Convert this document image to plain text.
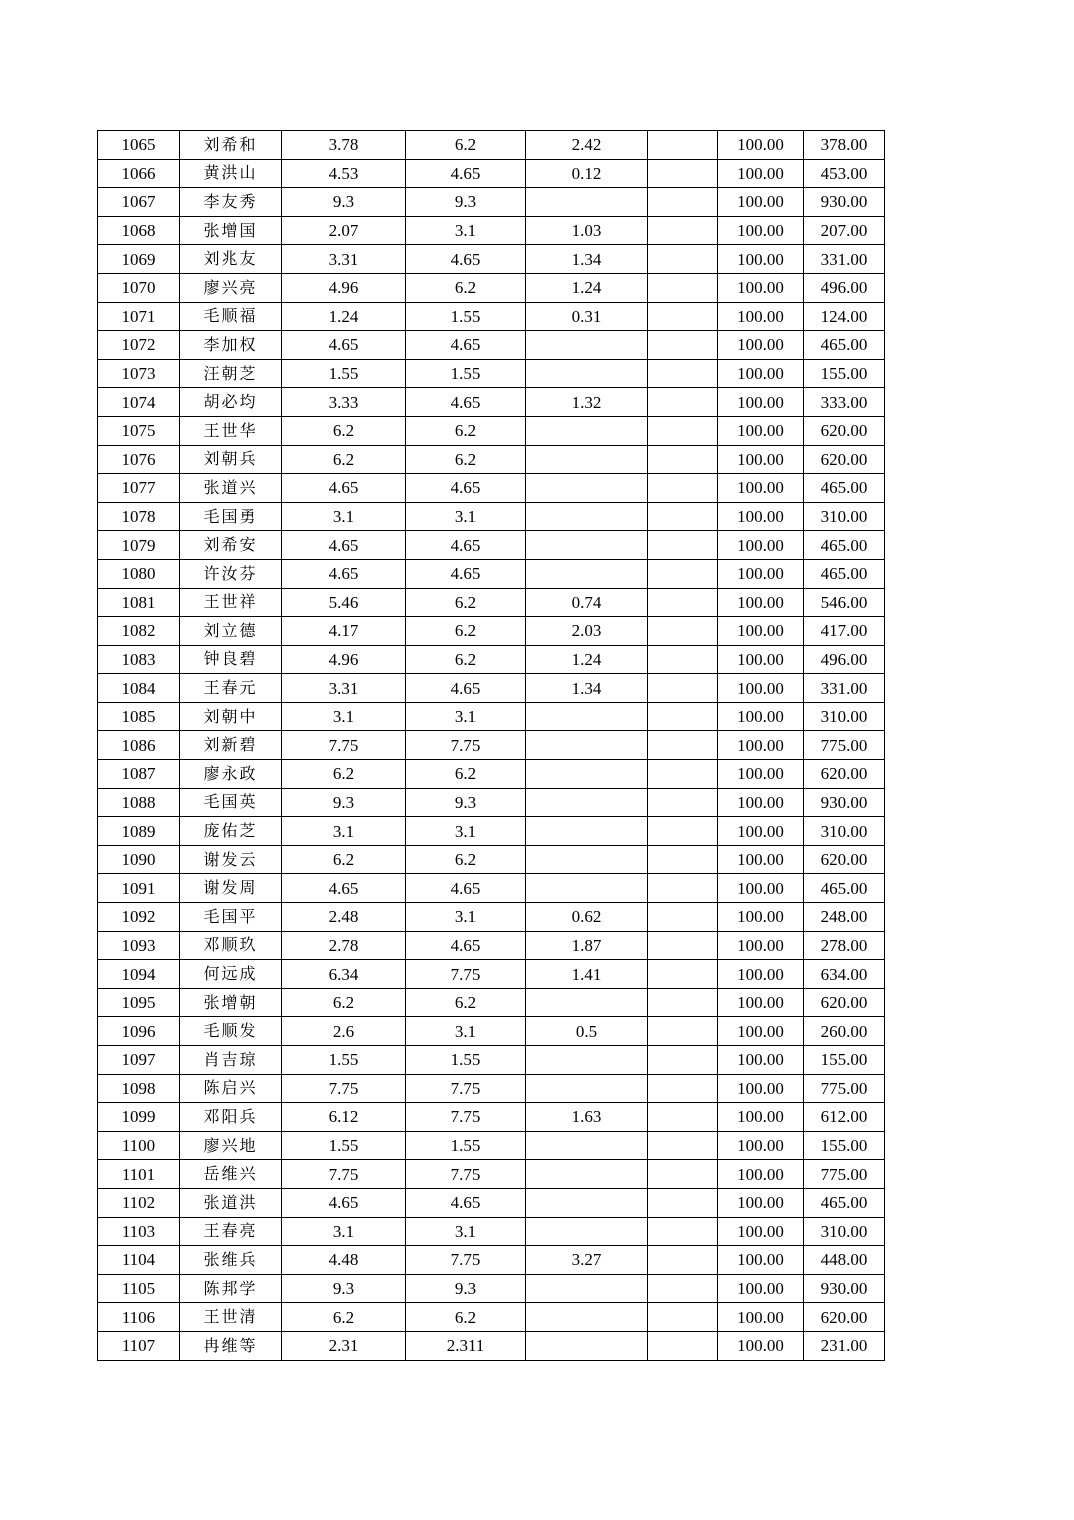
1065	刘希和	3.78	6.2	2.42		100.00	378.00
1066	黄洪山	4.53	4.65	0.12		100.00	453.00
1067	李友秀	9.3	9.3			100.00	930.00
1068	张增国	2.07	3.1	1.03		100.00	207.00
1069	刘兆友	3.31	4.65	1.34		100.00	331.00
1070	廖兴亮	4.96	6.2	1.24		100.00	496.00
1071	毛顺福	1.24	1.55	0.31		100.00	124.00
1072	李加权	4.65	4.65			100.00	465.00
1073	汪朝芝	1.55	1.55			100.00	155.00
1074	胡必均	3.33	4.65	1.32		100.00	333.00
1075	王世华	6.2	6.2			100.00	620.00
1076	刘朝兵	6.2	6.2			100.00	620.00
1077	张道兴	4.65	4.65			100.00	465.00
1078	毛国勇	3.1	3.1			100.00	310.00
1079	刘希安	4.65	4.65			100.00	465.00
1080	许汝芬	4.65	4.65			100.00	465.00
1081	王世祥	5.46	6.2	0.74		100.00	546.00
1082	刘立德	4.17	6.2	2.03		100.00	417.00
1083	钟良碧	4.96	6.2	1.24		100.00	496.00
1084	王春元	3.31	4.65	1.34		100.00	331.00
1085	刘朝中	3.1	3.1			100.00	310.00
1086	刘新碧	7.75	7.75			100.00	775.00
1087	廖永政	6.2	6.2			100.00	620.00
1088	毛国英	9.3	9.3			100.00	930.00
1089	庞佑芝	3.1	3.1			100.00	310.00
1090	谢发云	6.2	6.2			100.00	620.00
1091	谢发周	4.65	4.65			100.00	465.00
1092	毛国平	2.48	3.1	0.62		100.00	248.00
1093	邓顺玖	2.78	4.65	1.87		100.00	278.00
1094	何远成	6.34	7.75	1.41		100.00	634.00
1095	张增朝	6.2	6.2			100.00	620.00
1096	毛顺发	2.6	3.1	0.5		100.00	260.00
1097	肖吉琼	1.55	1.55			100.00	155.00
1098	陈启兴	7.75	7.75			100.00	775.00
1099	邓阳兵	6.12	7.75	1.63		100.00	612.00
1100	廖兴地	1.55	1.55			100.00	155.00
1101	岳维兴	7.75	7.75			100.00	775.00
1102	张道洪	4.65	4.65			100.00	465.00
1103	王春亮	3.1	3.1			100.00	310.00
1104	张维兵	4.48	7.75	3.27		100.00	448.00
1105	陈邦学	9.3	9.3			100.00	930.00
1106	王世清	6.2	6.2			100.00	620.00
1107	冉维等	2.31	2.311			100.00	231.00
